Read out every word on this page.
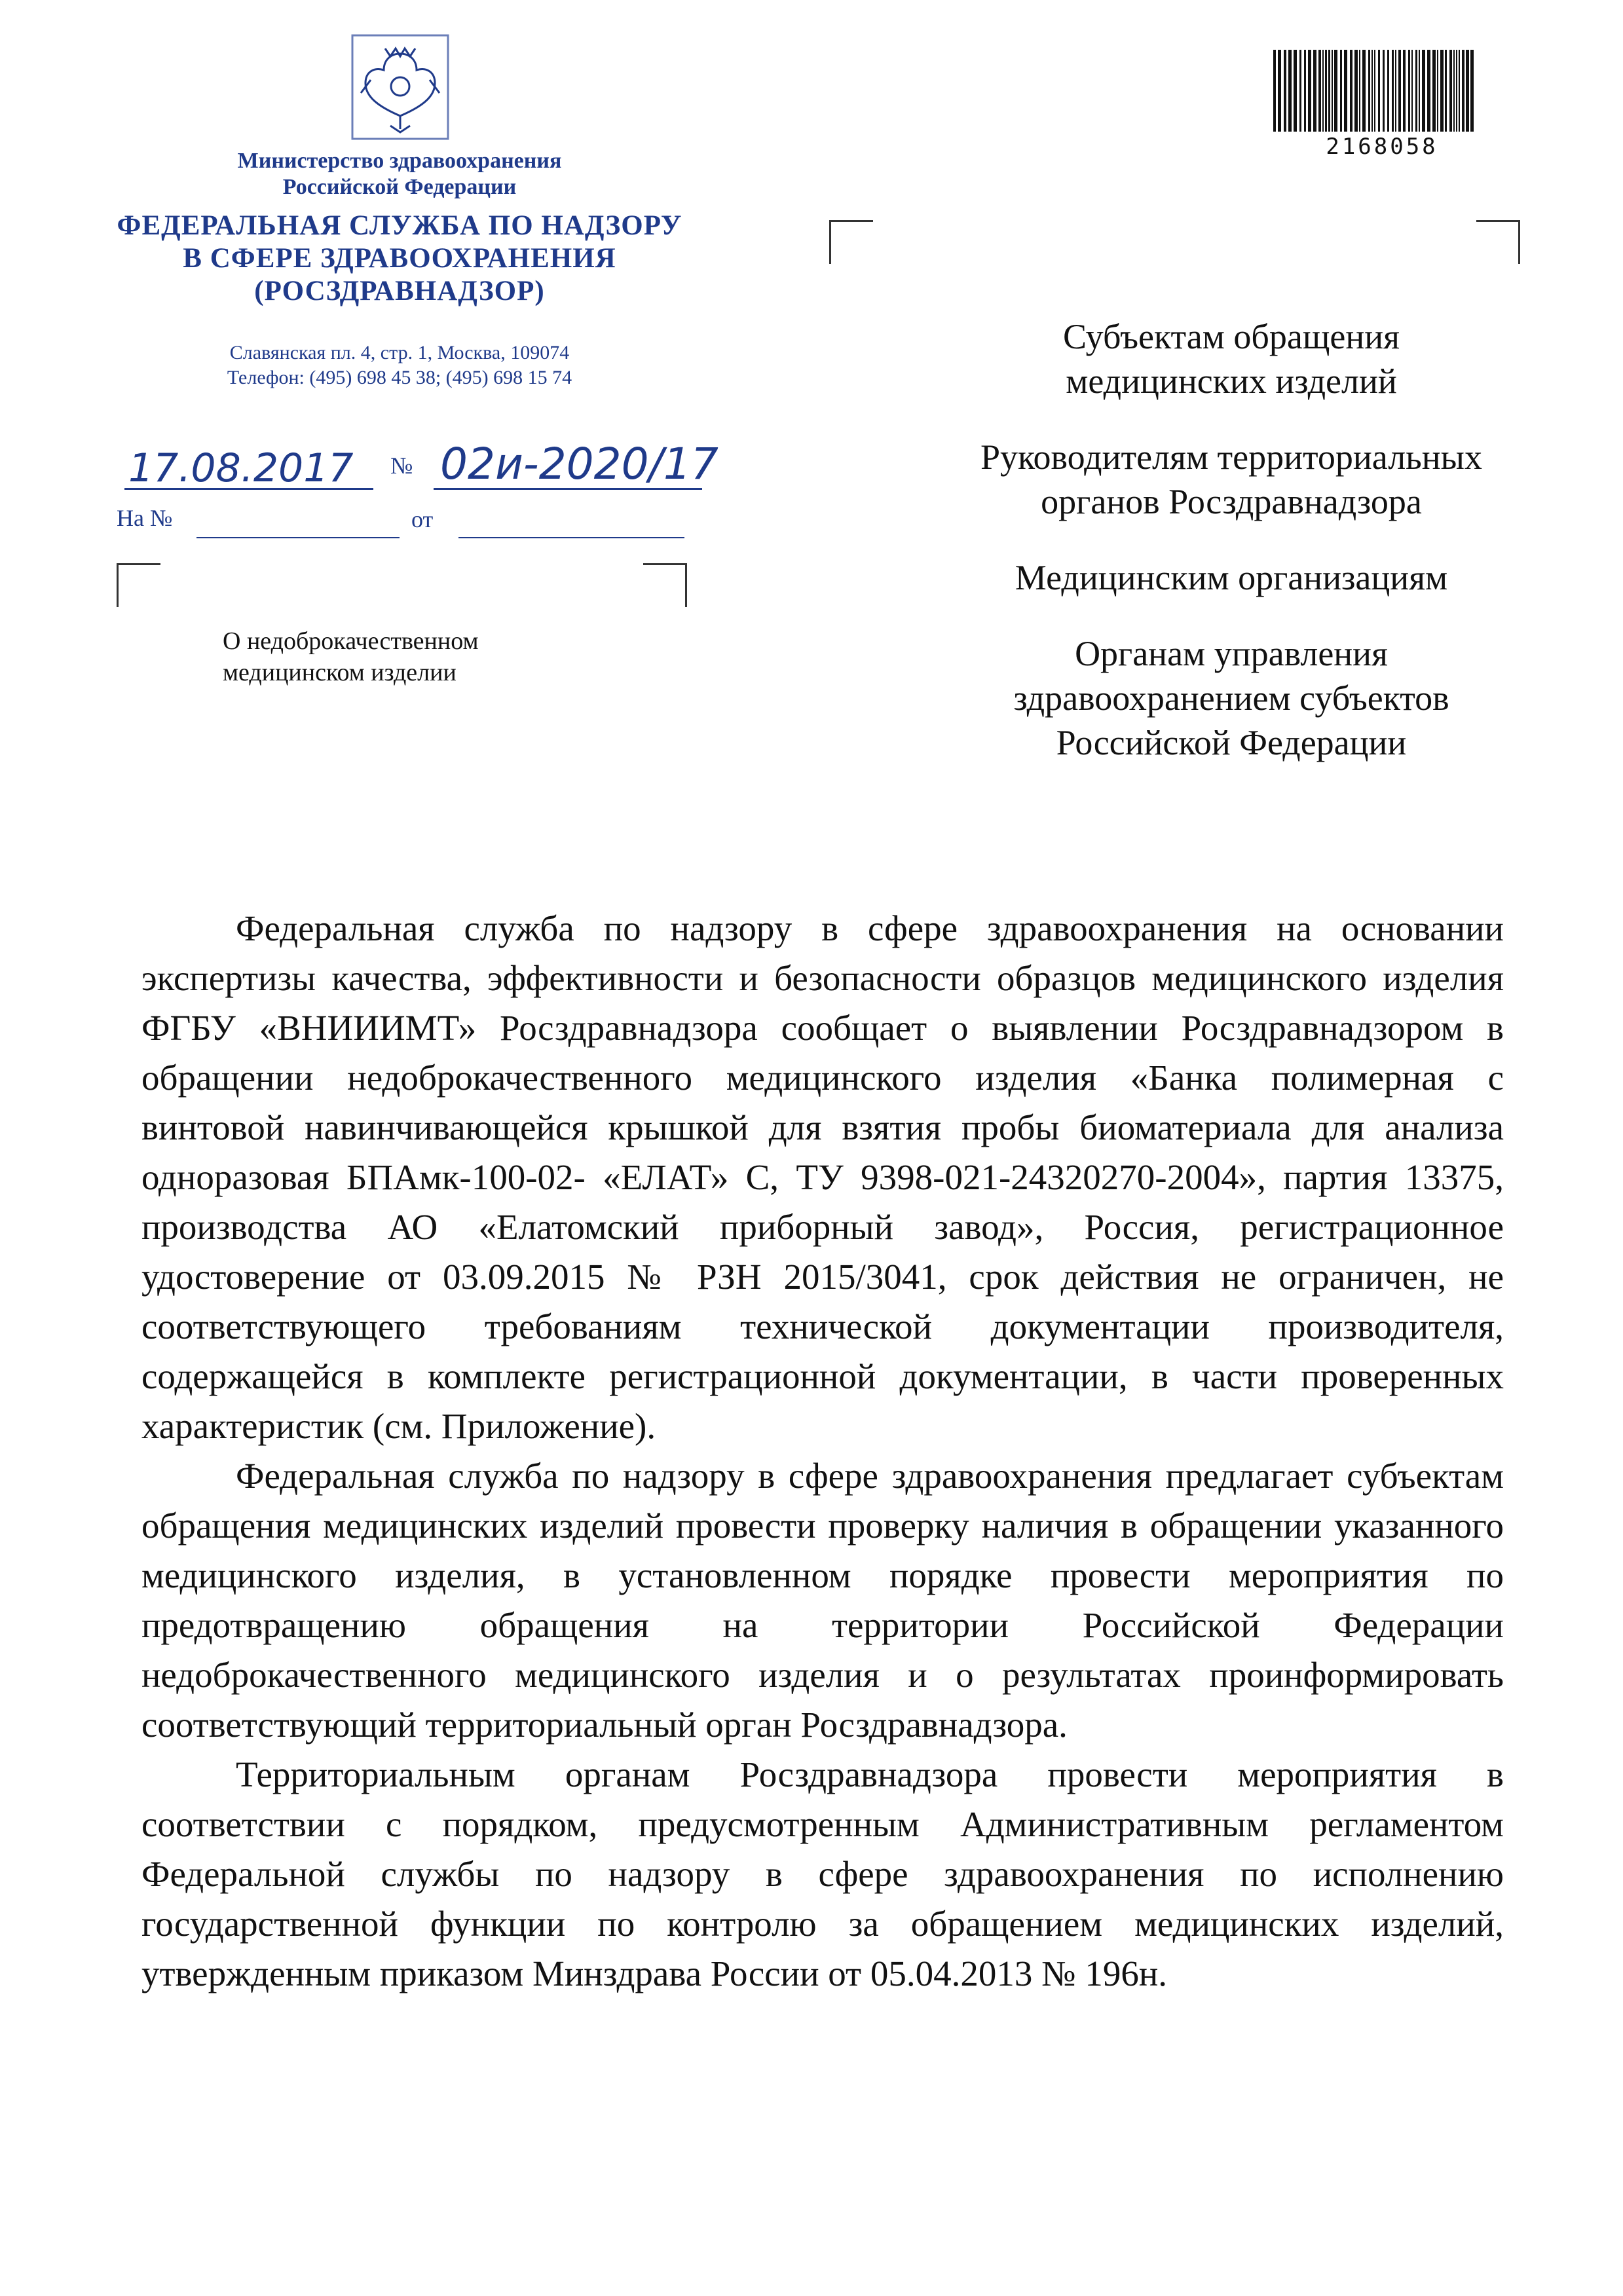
Министерство здравоохранения
Российской Федерации
ФЕДЕРАЛЬНАЯ СЛУЖБА ПО НАДЗОРУ
В СФЕРЕ ЗДРАВООХРАНЕНИЯ
(РОСЗДРАВНАДЗОР)
Славянская пл. 4, стр. 1, Москва, 109074
Телефон: (495) 698 45 38; (495) 698 15 74
17.08.2017 № 02и-2020/17
На №	от
О недоброкачественном
медицинском изделии
2168058
Субъектам обращения
медицинских изделий
Руководителям территориальных
органов Росздравнадзора
Медицинским организациям
Органам управления
здравоохранением субъектов
Российской Федерации

Федеральная служба по надзору в сфере здравоохранения на основании экспертизы качества, эффективности и безопасности образцов медицинского изделия ФГБУ «ВНИИИМТ» Росздравнадзора сообщает о выявлении Росздравнадзором в обращении недоброкачественного медицинского изделия «Банка полимерная с винтовой навинчивающейся крышкой для взятия пробы биоматериала для анализа одноразовая БПАмк-100-02- «ЕЛАТ» С, ТУ 9398-021-24320270-2004», партия 13375, производства АО «Елатомский приборный завод», Россия, регистрационное удостоверение от 03.09.2015 № РЗН 2015/3041, срок действия не ограничен, не соответствующего требованиям технической документации производителя, содержащейся в комплекте регистрационной документации, в части проверенных характеристик (см. Приложение).

Федеральная служба по надзору в сфере здравоохранения предлагает субъектам обращения медицинских изделий провести проверку наличия в обращении указанного медицинского изделия, в установленном порядке провести мероприятия по предотвращению обращения на территории Российской Федерации недоброкачественного медицинского изделия и о результатах проинформировать соответствующий территориальный орган Росздравнадзора.

Территориальным органам Росздравнадзора провести мероприятия в соответствии с порядком, предусмотренным Административным регламентом Федеральной службы по надзору в сфере здравоохранения по исполнению государственной функции по контролю за обращением медицинских изделий, утвержденным приказом Минздрава России от 05.04.2013 № 196н.
